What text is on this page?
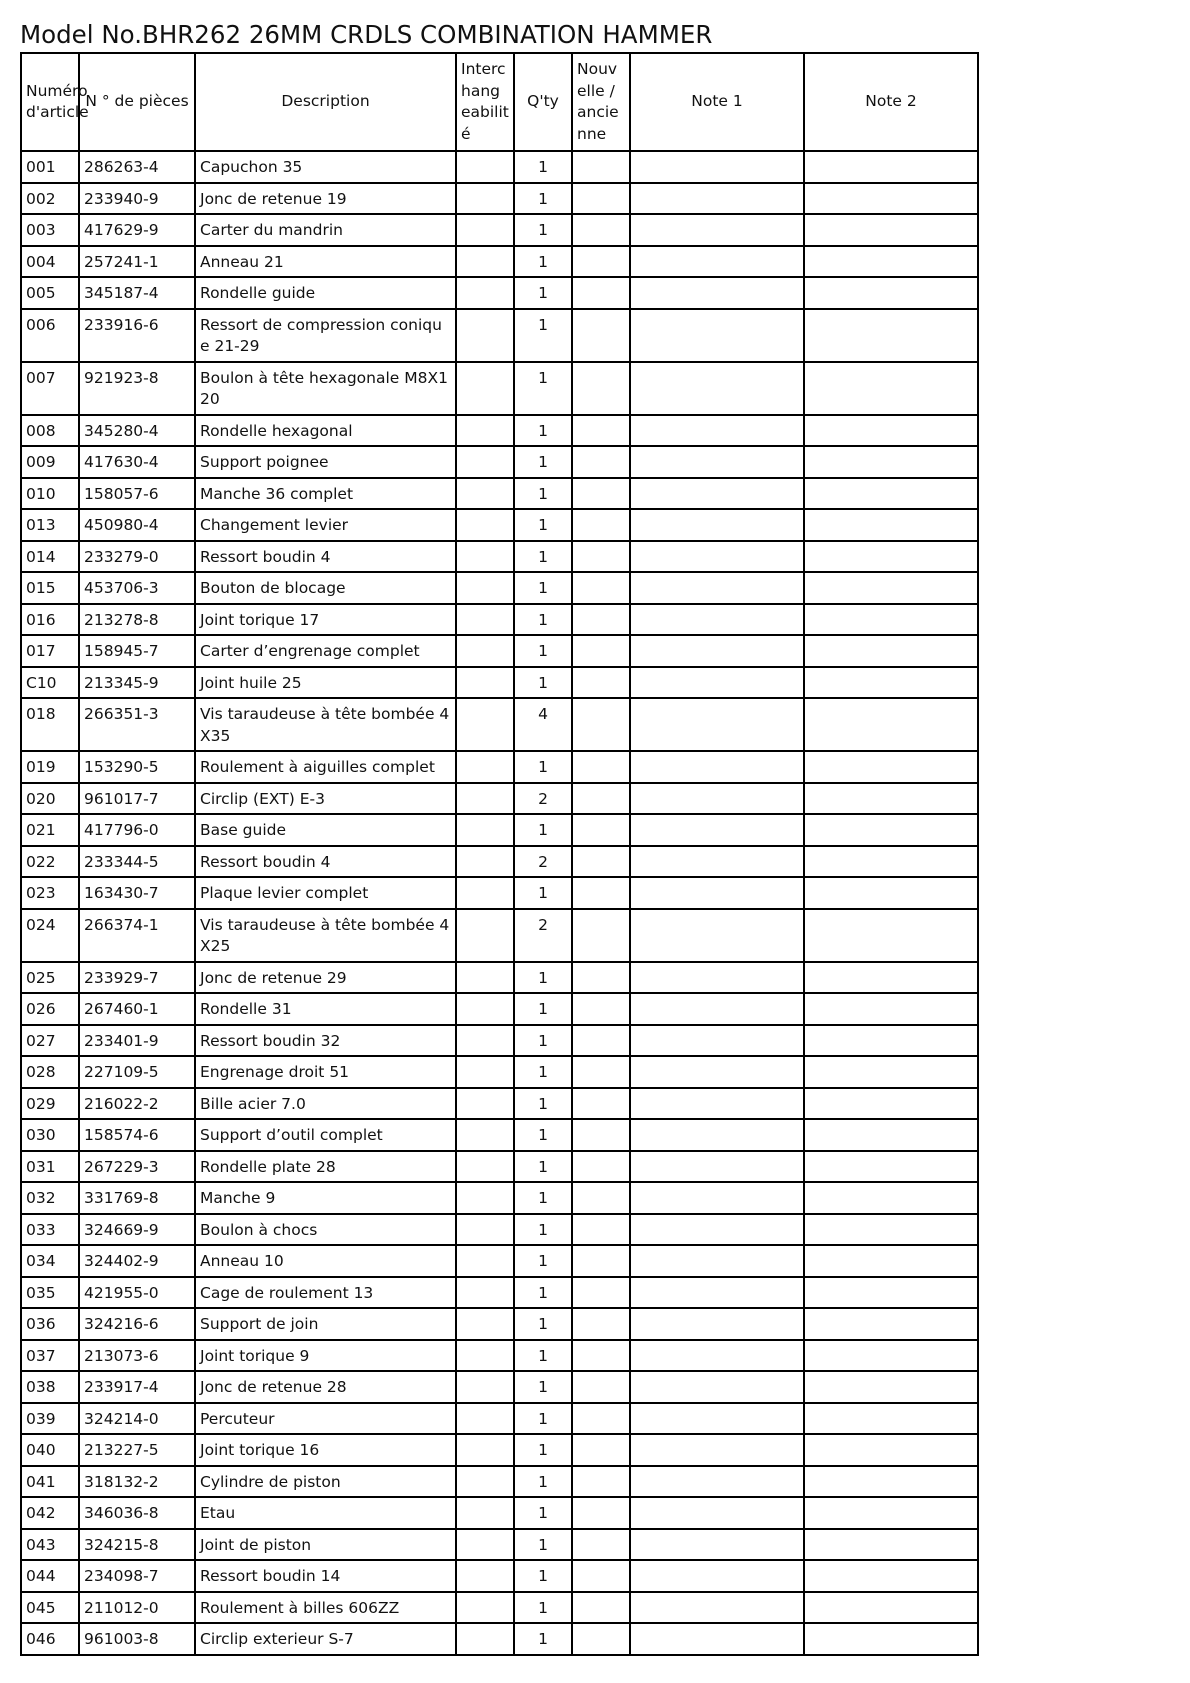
Model No.BHR262 26MM CRDLS COMBINATION HAMMER
Numéro d'article	N ° de pièces	Description	Interchangeabilité	Q'ty	Nouvelle / ancienne	Note 1	Note 2
001	286263-4	Capuchon 35		1			
002	233940-9	Jonc de retenue 19		1			
003	417629-9	Carter du mandrin		1			
004	257241-1	Anneau 21		1			
005	345187-4	Rondelle guide		1			
006	233916-6	Ressort de compression conique 21-29		1			
007	921923-8	Boulon à tête hexagonale M8X120		1			
008	345280-4	Rondelle hexagonal		1			
009	417630-4	Support poignee		1			
010	158057-6	Manche 36 complet		1			
013	450980-4	Changement levier		1			
014	233279-0	Ressort boudin 4		1			
015	453706-3	Bouton de blocage		1			
016	213278-8	Joint torique 17		1			
017	158945-7	Carter d’engrenage complet		1			
C10	213345-9	Joint huile 25		1			
018	266351-3	Vis taraudeuse à tête bombée 4X35		4			
019	153290-5	Roulement à aiguilles complet		1			
020	961017-7	Circlip (EXT) E-3		2			
021	417796-0	Base guide		1			
022	233344-5	Ressort boudin 4		2			
023	163430-7	Plaque levier complet		1			
024	266374-1	Vis taraudeuse à tête bombée 4X25		2			
025	233929-7	Jonc de retenue 29		1			
026	267460-1	Rondelle 31		1			
027	233401-9	Ressort boudin 32		1			
028	227109-5	Engrenage droit 51		1			
029	216022-2	Bille acier 7.0		1			
030	158574-6	Support d’outil complet		1			
031	267229-3	Rondelle plate 28		1			
032	331769-8	Manche 9		1			
033	324669-9	Boulon à chocs		1			
034	324402-9	Anneau 10		1			
035	421955-0	Cage de roulement 13		1			
036	324216-6	Support de join		1			
037	213073-6	Joint torique 9		1			
038	233917-4	Jonc de retenue 28		1			
039	324214-0	Percuteur		1			
040	213227-5	Joint torique 16		1			
041	318132-2	Cylindre de piston		1			
042	346036-8	Etau		1			
043	324215-8	Joint de piston		1			
044	234098-7	Ressort boudin 14		1			
045	211012-0	Roulement à billes 606ZZ		1			
046	961003-8	Circlip exterieur S-7		1			
